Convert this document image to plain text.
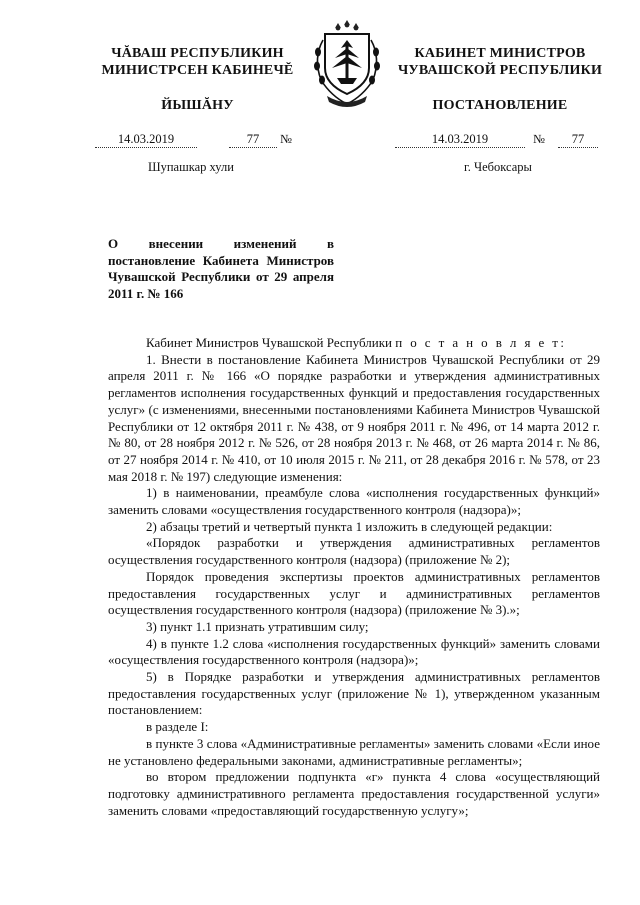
ЧĂВАШ РЕСПУБЛИКИН
МИНИСТРСЕН КАБИНЕЧĔ
ЙЫШĂНУ
КАБИНЕТ МИНИСТРОВ
ЧУВАШСКОЙ РЕСПУБЛИКИ
ПОСТАНОВЛЕНИЕ
14.03.2019	77	№	14.03.2019	№	77
Шупашкар хули	г. Чебоксары
О внесении изменений в постановление Кабинета Министров Чувашской Республики от 29 апреля 2011 г. № 166

Кабинет Министров Чувашской Республики п о с т а н о в л я е т:

1. Внести в постановление Кабинета Министров Чувашской Республики от 29 апреля 2011 г. № 166 «О порядке разработки и утверждения административных регламентов исполнения государственных функций и предоставления государственных услуг» (с изменениями, внесенными постановлениями Кабинета Министров Чувашской Республики от 12 октября 2011 г. № 438, от 9 ноября 2011 г. № 496, от 14 марта 2012 г. № 80, от 28 ноября 2012 г. № 526, от 28 ноября 2013 г. № 468, от 26 марта 2014 г. № 86, от 27 ноября 2014 г. № 410, от 10 июля 2015 г. № 211, от 28 декабря 2016 г. № 578, от 23 мая 2018 г. № 197) следующие изменения:

1) в наименовании, преамбуле слова «исполнения государственных функций» заменить словами «осуществления государственного контроля (надзора)»;

2) абзацы третий и четвертый пункта 1 изложить в следующей редакции:

«Порядок разработки и утверждения административных регламентов осуществления государственного контроля (надзора) (приложение № 2);

Порядок проведения экспертизы проектов административных регламентов предоставления государственных услуг и административных регламентов осуществления государственного контроля (надзора) (приложение № 3).»;

3) пункт 1.1 признать утратившим силу;

4) в пункте 1.2 слова «исполнения государственных функций» заменить словами «осуществления государственного контроля (надзора)»;

5) в Порядке разработки и утверждения административных регламентов предоставления государственных услуг (приложение № 1), утвержденном указанным постановлением:

в разделе I:

в пункте 3 слова «Административные регламенты» заменить словами «Если иное не установлено федеральными законами, административные регламенты»;

во втором предложении подпункта «г» пункта 4 слова «осуществляющий подготовку административного регламента предоставления государственной услуги» заменить словами «предоставляющий государственную услугу»;
